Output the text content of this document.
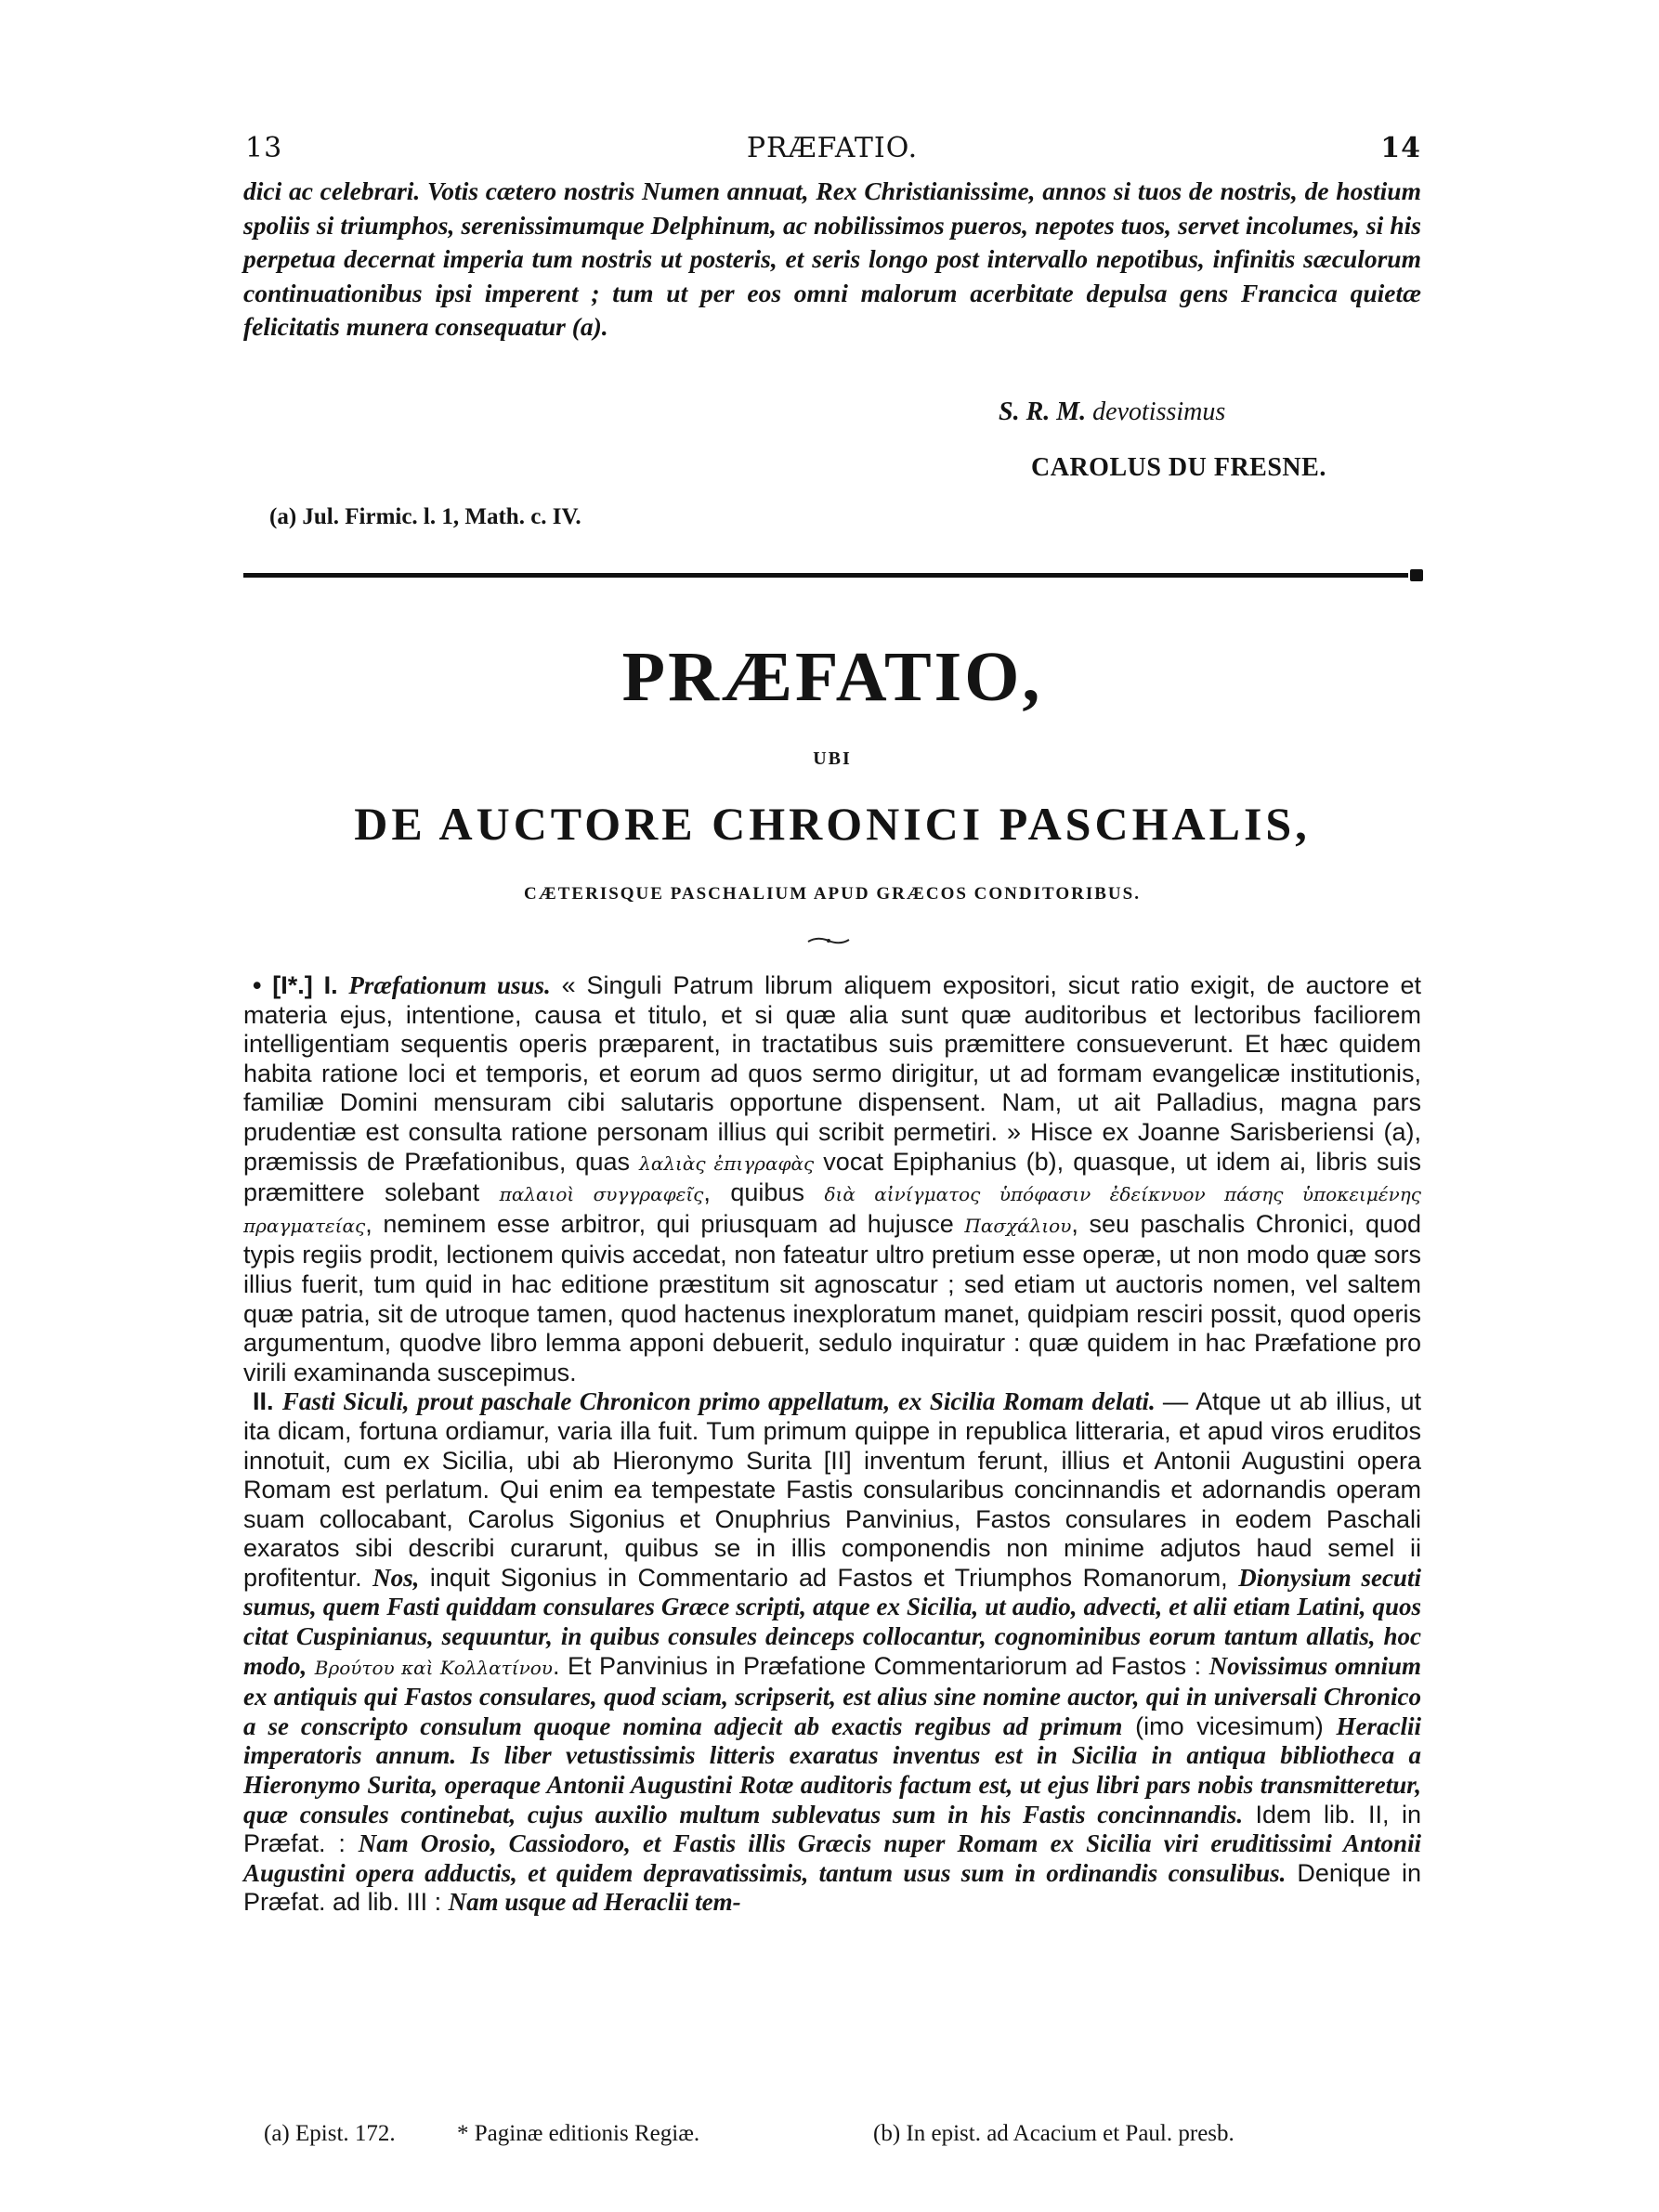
13	PRÆFATIO.	14
dici ac celebrari. Votis cætero nostris Numen annuat, Rex Christianissime, annos si tuos de nostris, de hostium spoliis si triumphos, serenissimumque Delphinum, ac nobilissimos pueros, nepotes tuos, servet incolumes, si his perpetua decernat imperia tum nostris ut posteris, et seris longo post intervallo nepotibus, infinitis sæculorum continuationibus ipsi imperent ; tum ut per eos omni malorum acerbitate depulsa gens Francica quietæ felicitatis munera consequatur (a).
S. R. M. devotissimus
CAROLUS DU FRESNE.
(a) Jul. Firmic. l. 1, Math. c. IV.
PRÆFATIO,
UBI
DE AUCTORE CHRONICI PASCHALIS,
CÆTERISQUE PASCHALIUM APUD GRÆCOS CONDITORIBUS.

• [I*.] I. Præfationum usus. « Singuli Patrum librum aliquem expositori, sicut ratio exigit, de auctore et materia ejus, intentione, causa et titulo, et si quæ alia sunt quæ auditoribus et lectoribus faciliorem intelligentiam sequentis operis præparent, in tractatibus suis præmittere consueverunt. Et hæc quidem habita ratione loci et temporis, et eorum ad quos sermo dirigitur, ut ad formam evangelicæ institutionis, familiæ Domini mensuram cibi salutaris opportune dispensent. Nam, ut ait Palladius, magna pars prudentiæ est consulta ratione personam illius qui scribit permetiri. » Hisce ex Joanne Sarisberiensi (a), præmissis de Præfationibus, quas λαλιὰς ἐπιγραφὰς vocat Epiphanius (b), quasque, ut idem ai, libris suis præmittere solebant παλαιοὶ συγγραφεῖς, quibus διὰ αἰνίγματος ὑπόφασιν ἐδείκνυον πάσης ὑποκειμένης πραγματείας, neminem esse arbitror, qui priusquam ad hujusce Πασχάλιου, seu paschalis Chronici, quod typis regiis prodit, lectionem quivis accedat, non fateatur ultro pretium esse operæ, ut non modo quæ sors illius fuerit, tum quid in hac editione præstitum sit agnoscatur ; sed etiam ut auctoris nomen, vel saltem quæ patria, sit de utroque tamen, quod hactenus inexploratum manet, quidpiam resciri possit, quod operis argumentum, quodve libro lemma apponi debuerit, sedulo inquiratur : quæ quidem in hac Præfatione pro virili examinanda suscepimus.

II. Fasti Siculi, prout paschale Chronicon primo appellatum, ex Sicilia Romam delati. — Atque ut ab illius, ut ita dicam, fortuna ordiamur, varia illa fuit. Tum primum quippe in republica litteraria, et apud viros eruditos innotuit, cum ex Sicilia, ubi ab Hieronymo Surita [II] inventum ferunt, illius et Antonii Augustini opera Romam est perlatum. Qui enim ea tempestate Fastis consularibus concinnandis et adornandis operam suam collocabant, Carolus Sigonius et Onuphrius Panvinius, Fastos consulares in eodem Paschali exaratos sibi describi curarunt, quibus se in illis componendis non minime adjutos haud semel ii profitentur. Nos, inquit Sigonius in Commentario ad Fastos et Triumphos Romanorum, Dionysium secuti sumus, quem Fasti quiddam consulares Græce scripti, atque ex Sicilia, ut audio, advecti, et alii etiam Latini, quos citat Cuspinianus, sequuntur, in quibus consules deinceps collocantur, cognominibus eorum tantum allatis, hoc modo, Βρούτου καὶ Κολλατίνου. Et Panvinius in Præfatione Commentariorum ad Fastos : Novissimus omnium ex antiquis qui Fastos consulares, quod sciam, scripserit, est alius sine nomine auctor, qui in universali Chronico a se conscripto consulum quoque nomina adjecit ab exactis regibus ad primum (imo vicesimum) Heraclii imperatoris annum. Is liber vetustissimis litteris exaratus inventus est in Sicilia in antiqua bibliotheca a Hieronymo Surita, operaque Antonii Augustini Rotæ auditoris factum est, ut ejus libri pars nobis transmitteretur, quæ consules continebat, cujus auxilio multum sublevatus sum in his Fastis concinnandis. Idem lib. II, in Præfat. : Nam Orosio, Cassiodoro, et Fastis illis Græcis nuper Romam ex Sicilia viri eruditissimi Antonii Augustini opera adductis, et quidem depravatissimis, tantum usus sum in ordinandis consulibus. Denique in Præfat. ad lib. III : Nam usque ad Heraclii tem-

(a) Epist. 172.	* Paginæ editionis Regiæ.	(b) In epist. ad Acacium et Paul. presb.
